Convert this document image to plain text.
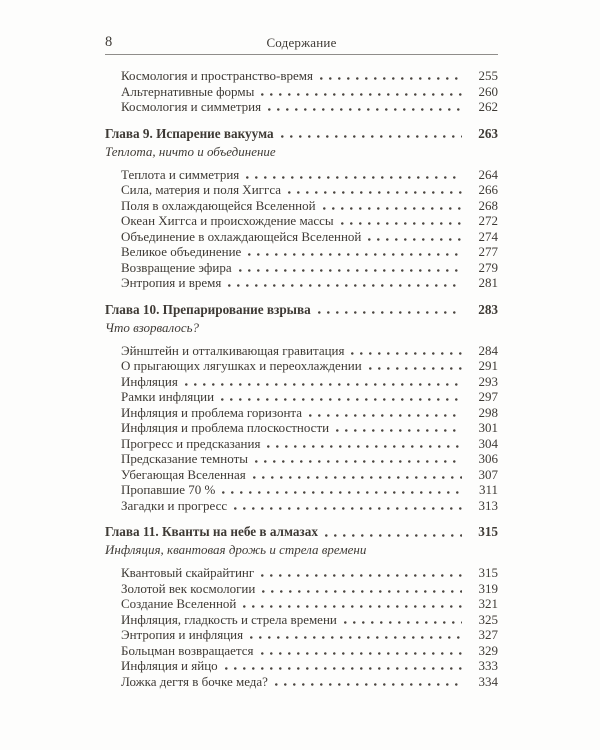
8	Содержание
Космология и пространство-время	255
Альтернативные формы	260
Космология и симметрия	262
Глава 9. Испарение вакуума	263
Теплота, ничто и объединение
Теплота и симметрия	264
Сила, материя и поля Хиггса	266
Поля в охлаждающейся Вселенной	268
Океан Хиггса и происхождение массы	272
Объединение в охлаждающейся Вселенной	274
Великое объединение	277
Возвращение эфира	279
Энтропия и время	281
Глава 10. Препарирование взрыва	283
Что взорвалось?
Эйнштейн и отталкивающая гравитация	284
О прыгающих лягушках и переохлаждении	291
Инфляция	293
Рамки инфляции	297
Инфляция и проблема горизонта	298
Инфляция и проблема плоскостности	301
Прогресс и предсказания	304
Предсказание темноты	306
Убегающая Вселенная	307
Пропавшие 70 %	311
Загадки и прогресс	313
Глава 11. Кванты на небе в алмазах	315
Инфляция, квантовая дрожь и стрела времени
Квантовый скайрайтинг	315
Золотой век космологии	319
Создание Вселенной	321
Инфляция, гладкость и стрела времени	325
Энтропия и инфляция	327
Больцман возвращается	329
Инфляция и яйцо	333
Ложка дегтя в бочке меда?	334
